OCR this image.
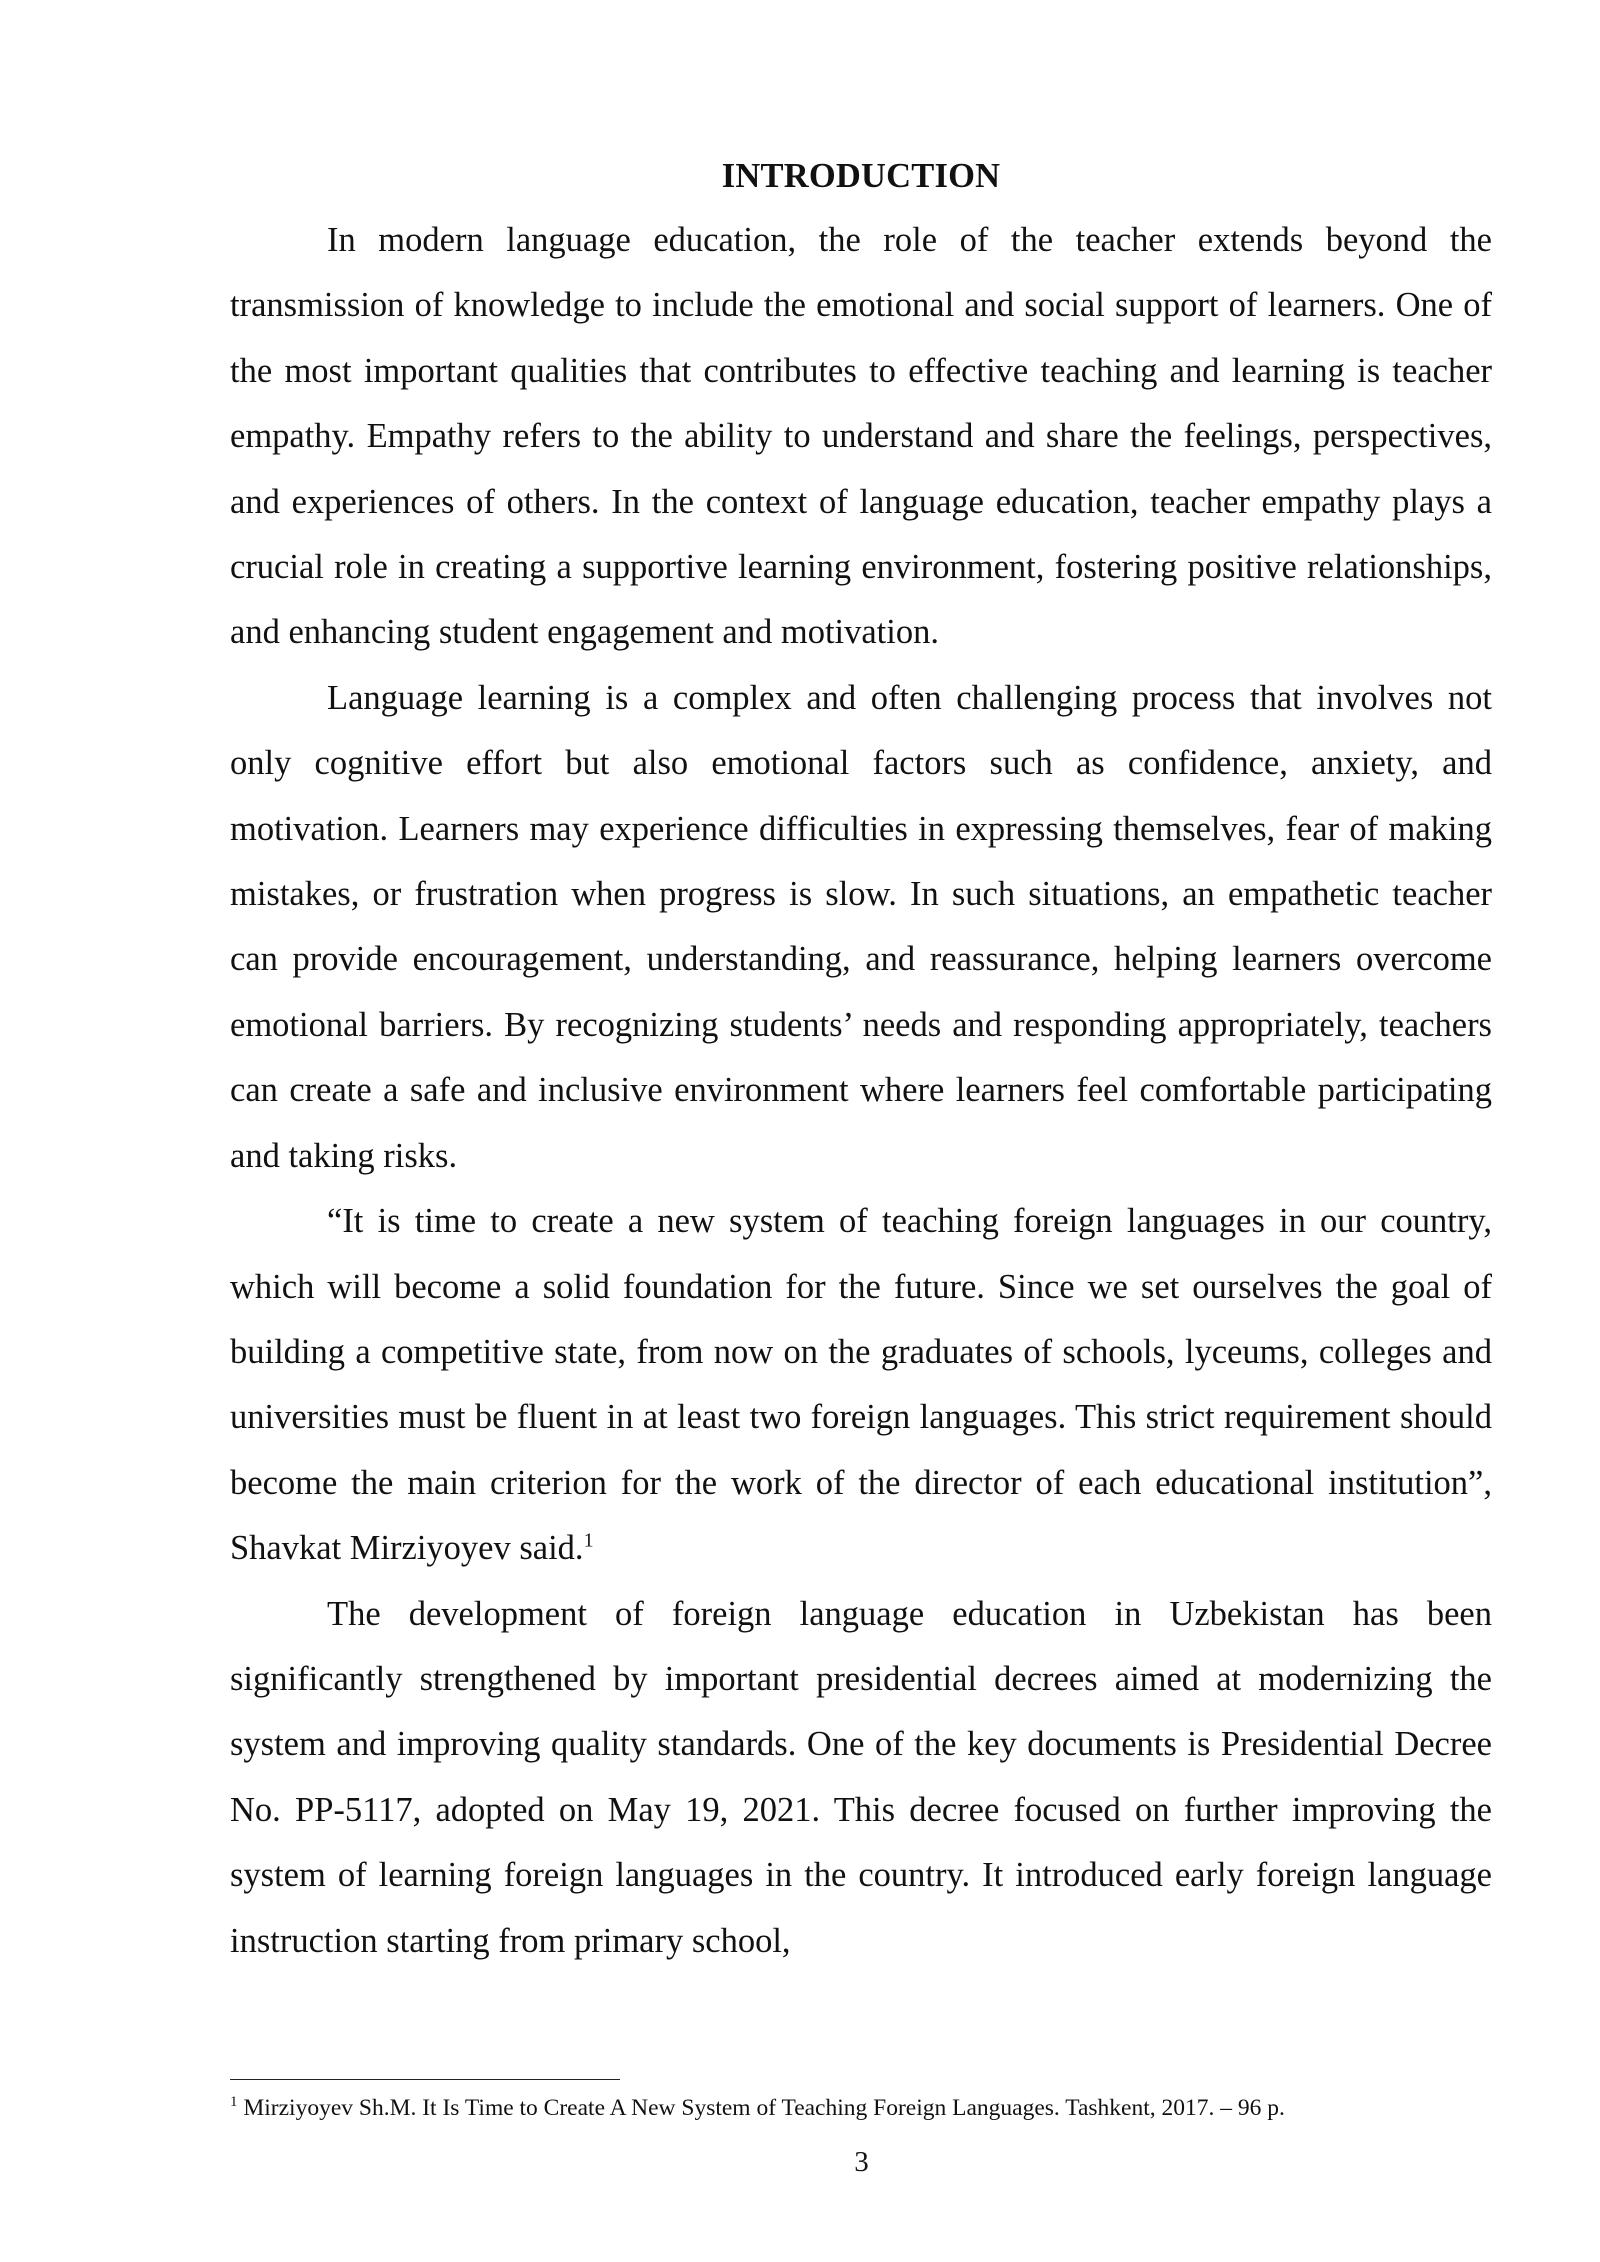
INTRODUCTION

In modern language education, the role of the teacher extends beyond the transmission of knowledge to include the emotional and social support of learners. One of the most important qualities that contributes to effective teaching and learning is teacher empathy. Empathy refers to the ability to understand and share the feelings, perspectives, and experiences of others. In the context of language education, teacher empathy plays a crucial role in creating a supportive learning environment, fostering positive relationships, and enhancing student engagement and motivation.

Language learning is a complex and often challenging process that involves not only cognitive effort but also emotional factors such as confidence, anxiety, and motivation. Learners may experience difficulties in expressing themselves, fear of making mistakes, or frustration when progress is slow. In such situations, an empathetic teacher can provide encouragement, understanding, and reassurance, helping learners overcome emotional barriers. By recognizing students’ needs and responding appropriately, teachers can create a safe and inclusive environment where learners feel comfortable participating and taking risks.

“It is time to create a new system of teaching foreign languages in our country, which will become a solid foundation for the future. Since we set ourselves the goal of building a competitive state, from now on the graduates of schools, lyceums, colleges and universities must be fluent in at least two foreign languages. This strict requirement should become the main criterion for the work of the director of each educational institution”, Shavkat Mirziyoyev said.$^1$

The development of foreign language education in Uzbekistan has been significantly strengthened by important presidential decrees aimed at modernizing the system and improving quality standards. One of the key documents is Presidential Decree No. PP-5117, adopted on May 19, 2021. This decree focused on further improving the system of learning foreign languages in the country. It introduced early foreign language instruction starting from primary school,

$^1$ Mirziyoyev Sh.M. It Is Time to Create A New System of Teaching Foreign Languages. Tashkent, 2017. – 96 p.

3
